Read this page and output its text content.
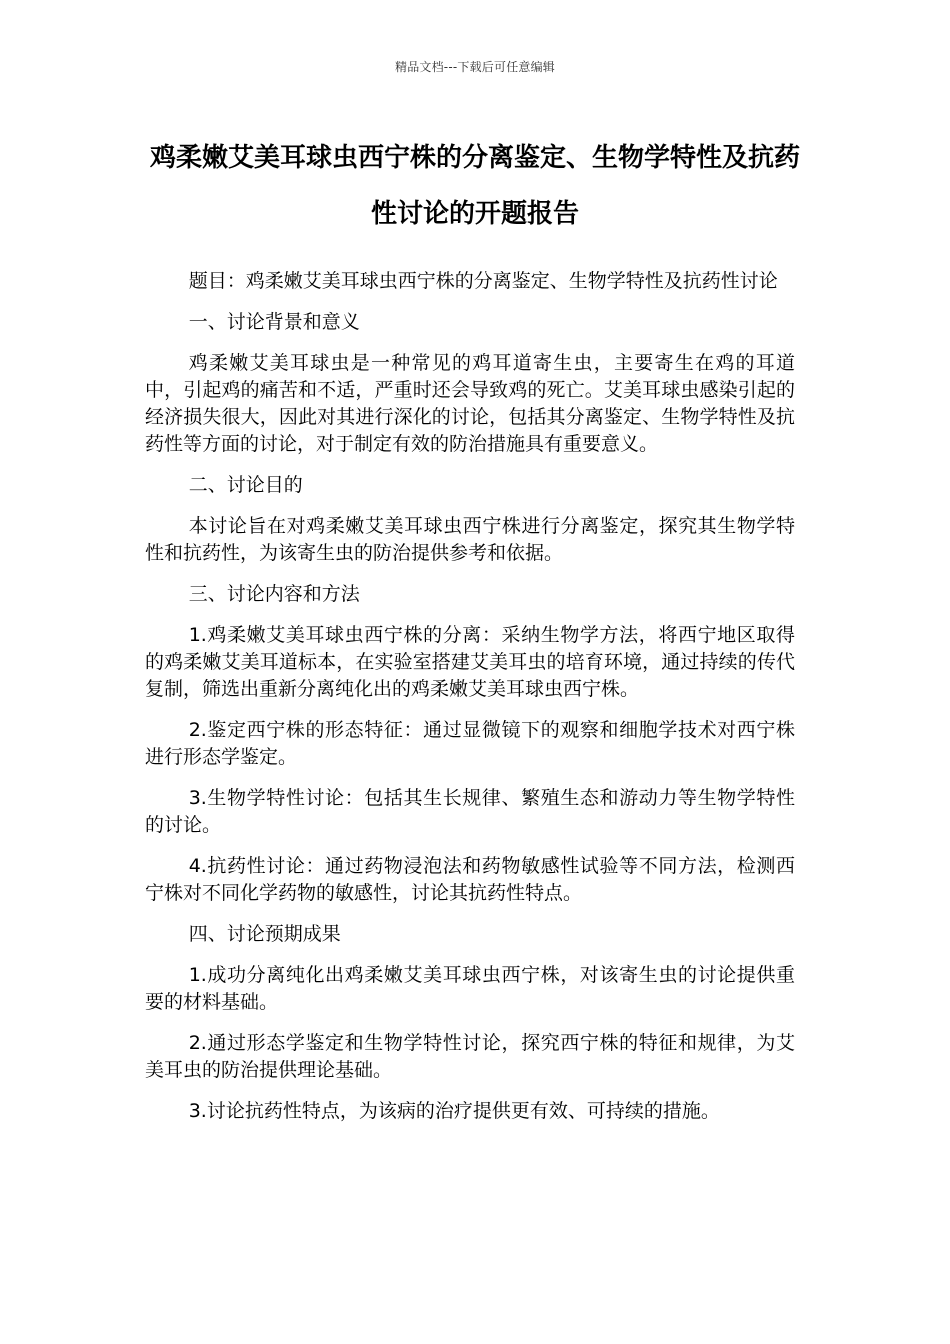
精品文档---下载后可任意编辑
鸡柔嫩艾美耳球虫西宁株的分离鉴定、生物学特性及抗药性讨论的开题报告

题目：鸡柔嫩艾美耳球虫西宁株的分离鉴定、生物学特性及抗药性讨论

一、讨论背景和意义

鸡柔嫩艾美耳球虫是一种常见的鸡耳道寄生虫，主要寄生在鸡的耳道中，引起鸡的痛苦和不适，严重时还会导致鸡的死亡。艾美耳球虫感染引起的经济损失很大，因此对其进行深化的讨论，包括其分离鉴定、生物学特性及抗药性等方面的讨论，对于制定有效的防治措施具有重要意义。

二、讨论目的

本讨论旨在对鸡柔嫩艾美耳球虫西宁株进行分离鉴定，探究其生物学特性和抗药性，为该寄生虫的防治提供参考和依据。

三、讨论内容和方法

1.鸡柔嫩艾美耳球虫西宁株的分离：采纳生物学方法，将西宁地区取得的鸡柔嫩艾美耳道标本，在实验室搭建艾美耳虫的培育环境，通过持续的传代复制，筛选出重新分离纯化出的鸡柔嫩艾美耳球虫西宁株。

2.鉴定西宁株的形态特征：通过显微镜下的观察和细胞学技术对西宁株进行形态学鉴定。

3.生物学特性讨论：包括其生长规律、繁殖生态和游动力等生物学特性的讨论。

4.抗药性讨论：通过药物浸泡法和药物敏感性试验等不同方法，检测西宁株对不同化学药物的敏感性，讨论其抗药性特点。

四、讨论预期成果

1.成功分离纯化出鸡柔嫩艾美耳球虫西宁株，对该寄生虫的讨论提供重要的材料基础。

2.通过形态学鉴定和生物学特性讨论，探究西宁株的特征和规律，为艾美耳虫的防治提供理论基础。

3.讨论抗药性特点，为该病的治疗提供更有效、可持续的措施。
